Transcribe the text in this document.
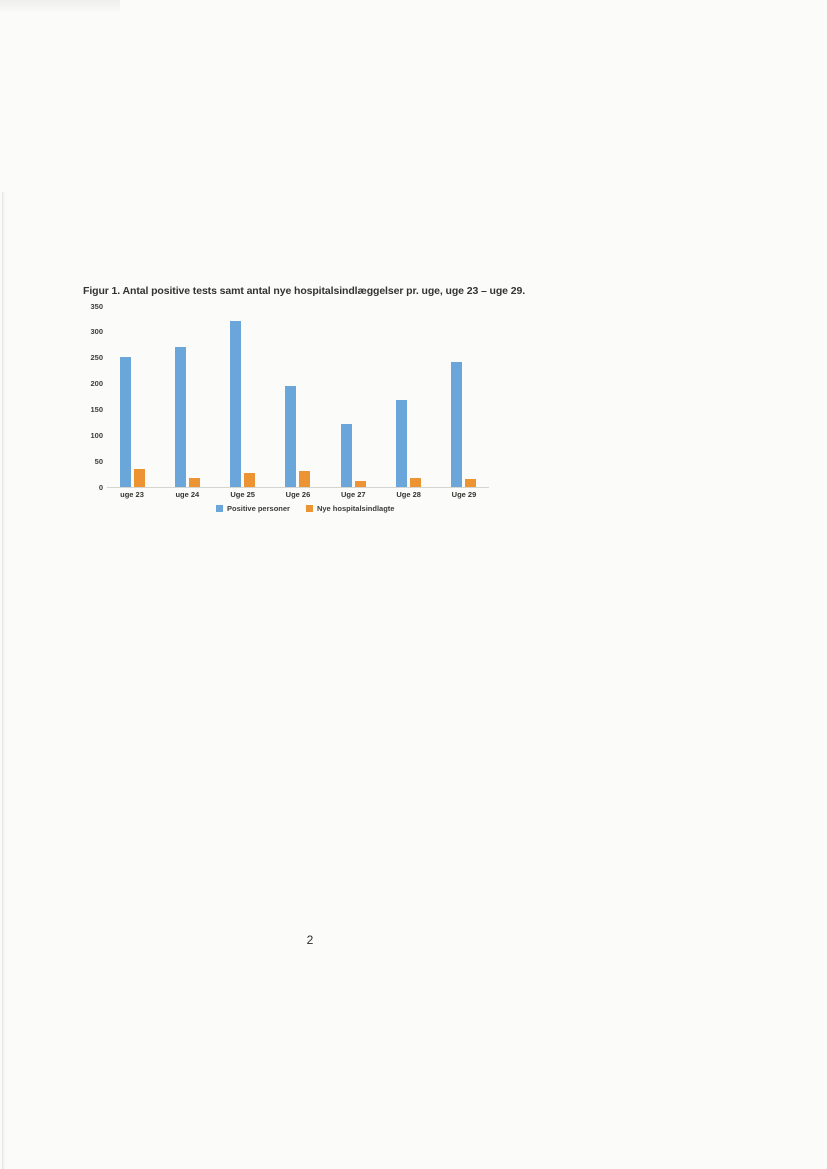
Figur 1. Antal positive tests samt antal nye hospitalsindlæggelser pr. uge, uge 23 – uge 29.

350
300
250
200
150
100
50
0
uge 23	uge 24	Uge 25	Uge 26	Uge 27	Uge 28	Uge 29
Positive personer	Nye hospitalsindlagte
2
